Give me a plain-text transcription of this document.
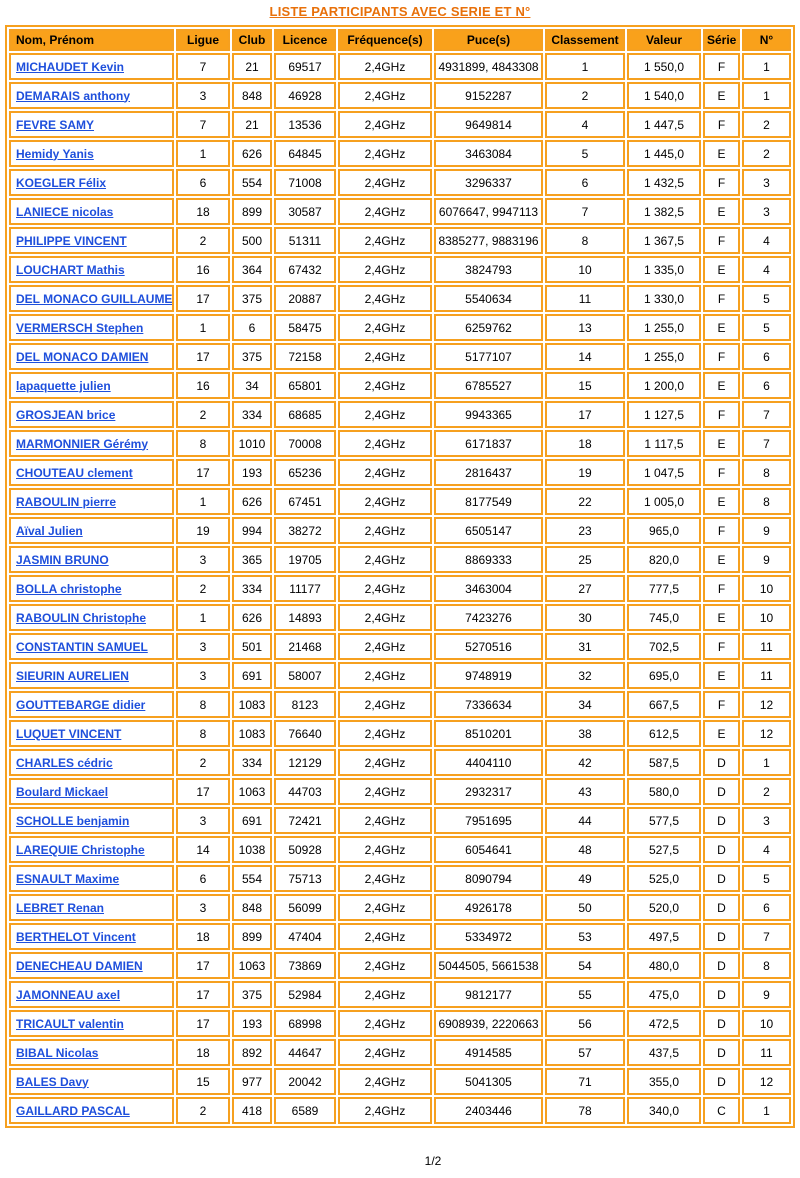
LISTE PARTICIPANTS AVEC SERIE ET N°
Nom, Prénom	Ligue	Club	Licence	Fréquence(s)	Puce(s)	Classement	Valeur	Série	N°
MICHAUDET Kevin	7	21	69517	2,4GHz	4931899, 4843308	1	1 550,0	F	1
DEMARAIS anthony	3	848	46928	2,4GHz	9152287	2	1 540,0	E	1
FEVRE SAMY	7	21	13536	2,4GHz	9649814	4	1 447,5	F	2
Hemidy Yanis	1	626	64845	2,4GHz	3463084	5	1 445,0	E	2
KOEGLER Félix	6	554	71008	2,4GHz	3296337	6	1 432,5	F	3
LANIECE nicolas	18	899	30587	2,4GHz	6076647, 9947113	7	1 382,5	E	3
PHILIPPE VINCENT	2	500	51311	2,4GHz	8385277, 9883196	8	1 367,5	F	4
LOUCHART Mathis	16	364	67432	2,4GHz	3824793	10	1 335,0	E	4
DEL MONACO GUILLAUME	17	375	20887	2,4GHz	5540634	11	1 330,0	F	5
VERMERSCH Stephen	1	6	58475	2,4GHz	6259762	13	1 255,0	E	5
DEL MONACO DAMIEN	17	375	72158	2,4GHz	5177107	14	1 255,0	F	6
lapaquette julien	16	34	65801	2,4GHz	6785527	15	1 200,0	E	6
GROSJEAN brice	2	334	68685	2,4GHz	9943365	17	1 127,5	F	7
MARMONNIER Gérémy	8	1010	70008	2,4GHz	6171837	18	1 117,5	E	7
CHOUTEAU clement	17	193	65236	2,4GHz	2816437	19	1 047,5	F	8
RABOULIN pierre	1	626	67451	2,4GHz	8177549	22	1 005,0	E	8
Aïval Julien	19	994	38272	2,4GHz	6505147	23	965,0	F	9
JASMIN BRUNO	3	365	19705	2,4GHz	8869333	25	820,0	E	9
BOLLA christophe	2	334	11177	2,4GHz	3463004	27	777,5	F	10
RABOULIN Christophe	1	626	14893	2,4GHz	7423276	30	745,0	E	10
CONSTANTIN SAMUEL	3	501	21468	2,4GHz	5270516	31	702,5	F	11
SIEURIN AURELIEN	3	691	58007	2,4GHz	9748919	32	695,0	E	11
GOUTTEBARGE didier	8	1083	8123	2,4GHz	7336634	34	667,5	F	12
LUQUET VINCENT	8	1083	76640	2,4GHz	8510201	38	612,5	E	12
CHARLES cédric	2	334	12129	2,4GHz	4404110	42	587,5	D	1
Boulard Mickael	17	1063	44703	2,4GHz	2932317	43	580,0	D	2
SCHOLLE benjamin	3	691	72421	2,4GHz	7951695	44	577,5	D	3
LAREQUIE Christophe	14	1038	50928	2,4GHz	6054641	48	527,5	D	4
ESNAULT Maxime	6	554	75713	2,4GHz	8090794	49	525,0	D	5
LEBRET Renan	3	848	56099	2,4GHz	4926178	50	520,0	D	6
BERTHELOT Vincent	18	899	47404	2,4GHz	5334972	53	497,5	D	7
DENECHEAU DAMIEN	17	1063	73869	2,4GHz	5044505, 5661538	54	480,0	D	8
JAMONNEAU axel	17	375	52984	2,4GHz	9812177	55	475,0	D	9
TRICAULT valentin	17	193	68998	2,4GHz	6908939, 2220663	56	472,5	D	10
BIBAL Nicolas	18	892	44647	2,4GHz	4914585	57	437,5	D	11
BALES Davy	15	977	20042	2,4GHz	5041305	71	355,0	D	12
GAILLARD PASCAL	2	418	6589	2,4GHz	2403446	78	340,0	C	1
1/2
